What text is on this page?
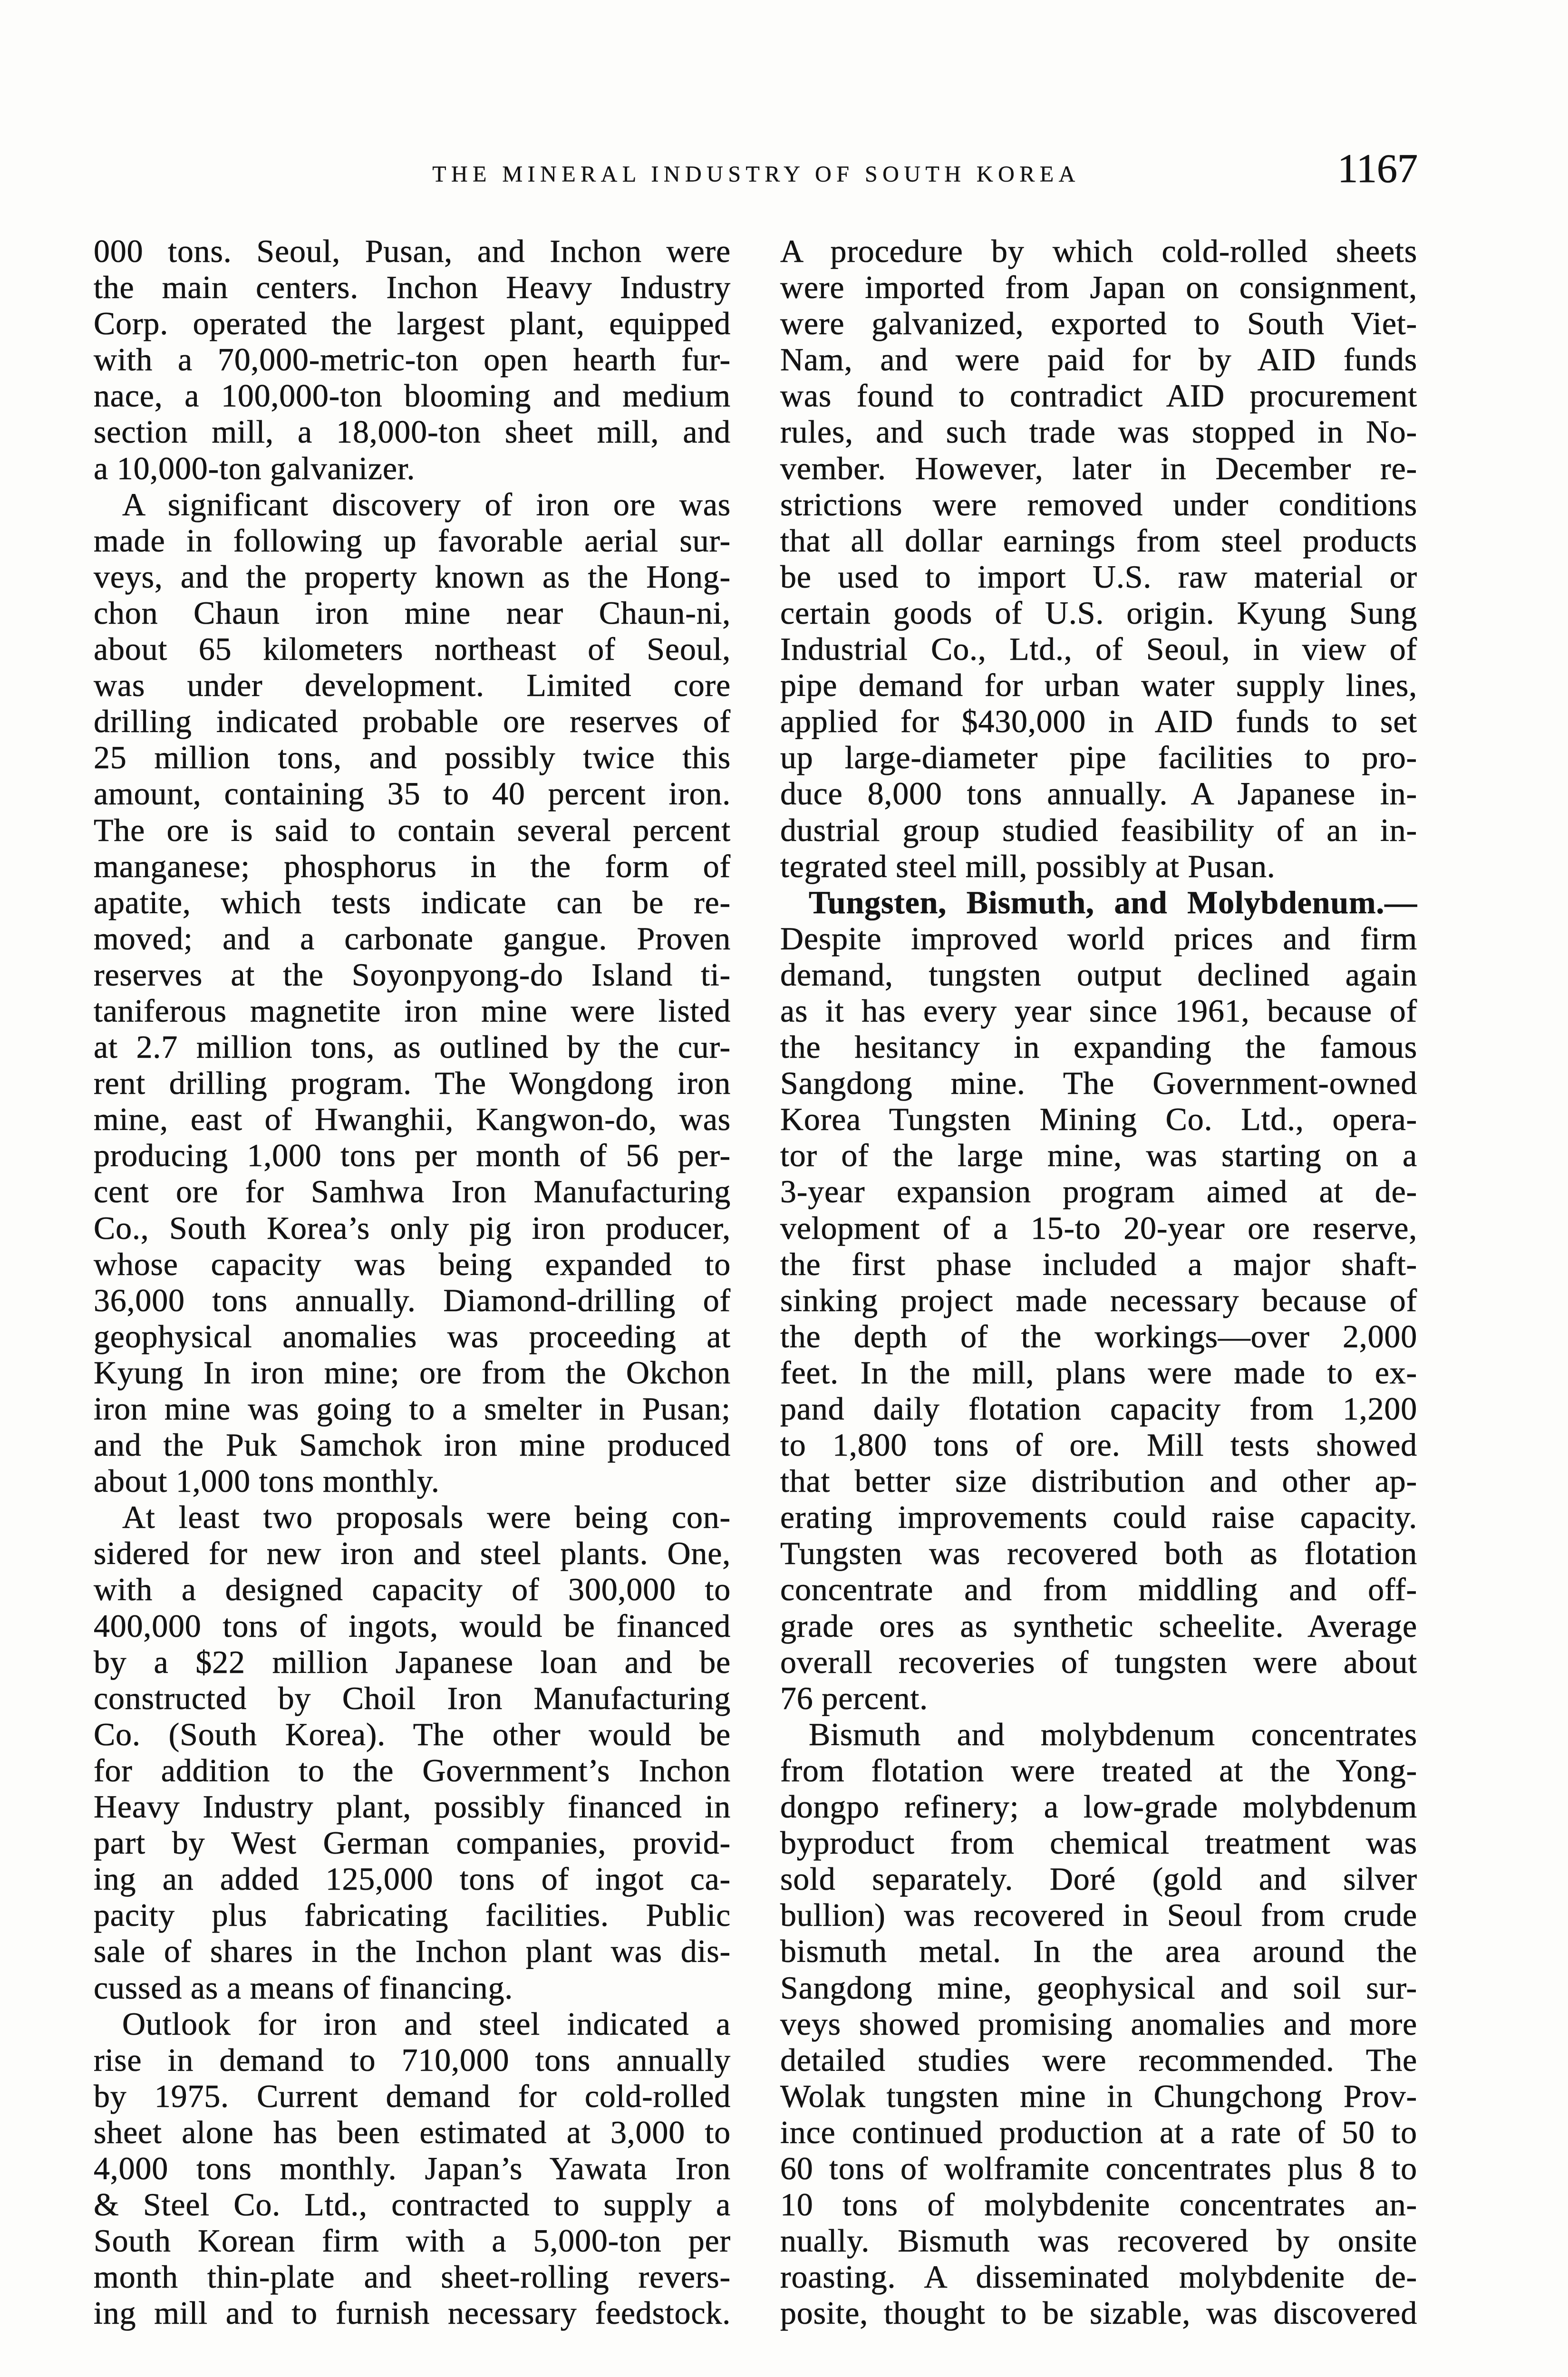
THE MINERAL INDUSTRY OF SOUTH KOREA	1167
000 tons. Seoul, Pusan, and Inchon were
the main centers. Inchon Heavy Industry
Corp. operated the largest plant, equipped
with a 70,000-metric-ton open hearth fur-
nace, a 100,000-ton blooming and medium
section mill, a 18,000-ton sheet mill, and
a 10,000-ton galvanizer.
A significant discovery of iron ore was
made in following up favorable aerial sur-
veys, and the property known as the Hong-
chon Chaun iron mine near Chaun-ni,
about 65 kilometers northeast of Seoul,
was under development. Limited core
drilling indicated probable ore reserves of
25 million tons, and possibly twice this
amount, containing 35 to 40 percent iron.
The ore is said to contain several percent
manganese; phosphorus in the form of
apatite, which tests indicate can be re-
moved; and a carbonate gangue. Proven
reserves at the Soyonpyong-do Island ti-
taniferous magnetite iron mine were listed
at 2.7 million tons, as outlined by the cur-
rent drilling program. The Wongdong iron
mine, east of Hwanghii, Kangwon-do, was
producing 1,000 tons per month of 56 per-
cent ore for Samhwa Iron Manufacturing
Co., South Korea’s only pig iron producer,
whose capacity was being expanded to
36,000 tons annually. Diamond-drilling of
geophysical anomalies was proceeding at
Kyung In iron mine; ore from the Okchon
iron mine was going to a smelter in Pusan;
and the Puk Samchok iron mine produced
about 1,000 tons monthly.
At least two proposals were being con-
sidered for new iron and steel plants. One,
with a designed capacity of 300,000 to
400,000 tons of ingots, would be financed
by a $22 million Japanese loan and be
constructed by Choil Iron Manufacturing
Co. (South Korea). The other would be
for addition to the Government’s Inchon
Heavy Industry plant, possibly financed in
part by West German companies, provid-
ing an added 125,000 tons of ingot ca-
pacity plus fabricating facilities. Public
sale of shares in the Inchon plant was dis-
cussed as a means of financing.
Outlook for iron and steel indicated a
rise in demand to 710,000 tons annually
by 1975. Current demand for cold-rolled
sheet alone has been estimated at 3,000 to
4,000 tons monthly. Japan’s Yawata Iron
& Steel Co. Ltd., contracted to supply a
South Korean firm with a 5,000-ton per
month thin-plate and sheet-rolling revers-
ing mill and to furnish necessary feedstock.
A procedure by which cold-rolled sheets
were imported from Japan on consignment,
were galvanized, exported to South Viet-
Nam, and were paid for by AID funds
was found to contradict AID procurement
rules, and such trade was stopped in No-
vember. However, later in December re-
strictions were removed under conditions
that all dollar earnings from steel products
be used to import U.S. raw material or
certain goods of U.S. origin. Kyung Sung
Industrial Co., Ltd., of Seoul, in view of
pipe demand for urban water supply lines,
applied for $430,000 in AID funds to set
up large-diameter pipe facilities to pro-
duce 8,000 tons annually. A Japanese in-
dustrial group studied feasibility of an in-
tegrated steel mill, possibly at Pusan.
Tungsten, Bismuth, and Molybdenum.—
Despite improved world prices and firm
demand, tungsten output declined again
as it has every year since 1961, because of
the hesitancy in expanding the famous
Sangdong mine. The Government-owned
Korea Tungsten Mining Co. Ltd., opera-
tor of the large mine, was starting on a
3-year expansion program aimed at de-
velopment of a 15-to 20-year ore reserve,
the first phase included a major shaft-
sinking project made necessary because of
the depth of the workings—over 2,000
feet. In the mill, plans were made to ex-
pand daily flotation capacity from 1,200
to 1,800 tons of ore. Mill tests showed
that better size distribution and other ap-
erating improvements could raise capacity.
Tungsten was recovered both as flotation
concentrate and from middling and off-
grade ores as synthetic scheelite. Average
overall recoveries of tungsten were about
76 percent.
Bismuth and molybdenum concentrates
from flotation were treated at the Yong-
dongpo refinery; a low-grade molybdenum
byproduct from chemical treatment was
sold separately. Doré (gold and silver
bullion) was recovered in Seoul from crude
bismuth metal. In the area around the
Sangdong mine, geophysical and soil sur-
veys showed promising anomalies and more
detailed studies were recommended. The
Wolak tungsten mine in Chungchong Prov-
ince continued production at a rate of 50 to
60 tons of wolframite concentrates plus 8 to
10 tons of molybdenite concentrates an-
nually. Bismuth was recovered by onsite
roasting. A disseminated molybdenite de-
posite, thought to be sizable, was discovered
